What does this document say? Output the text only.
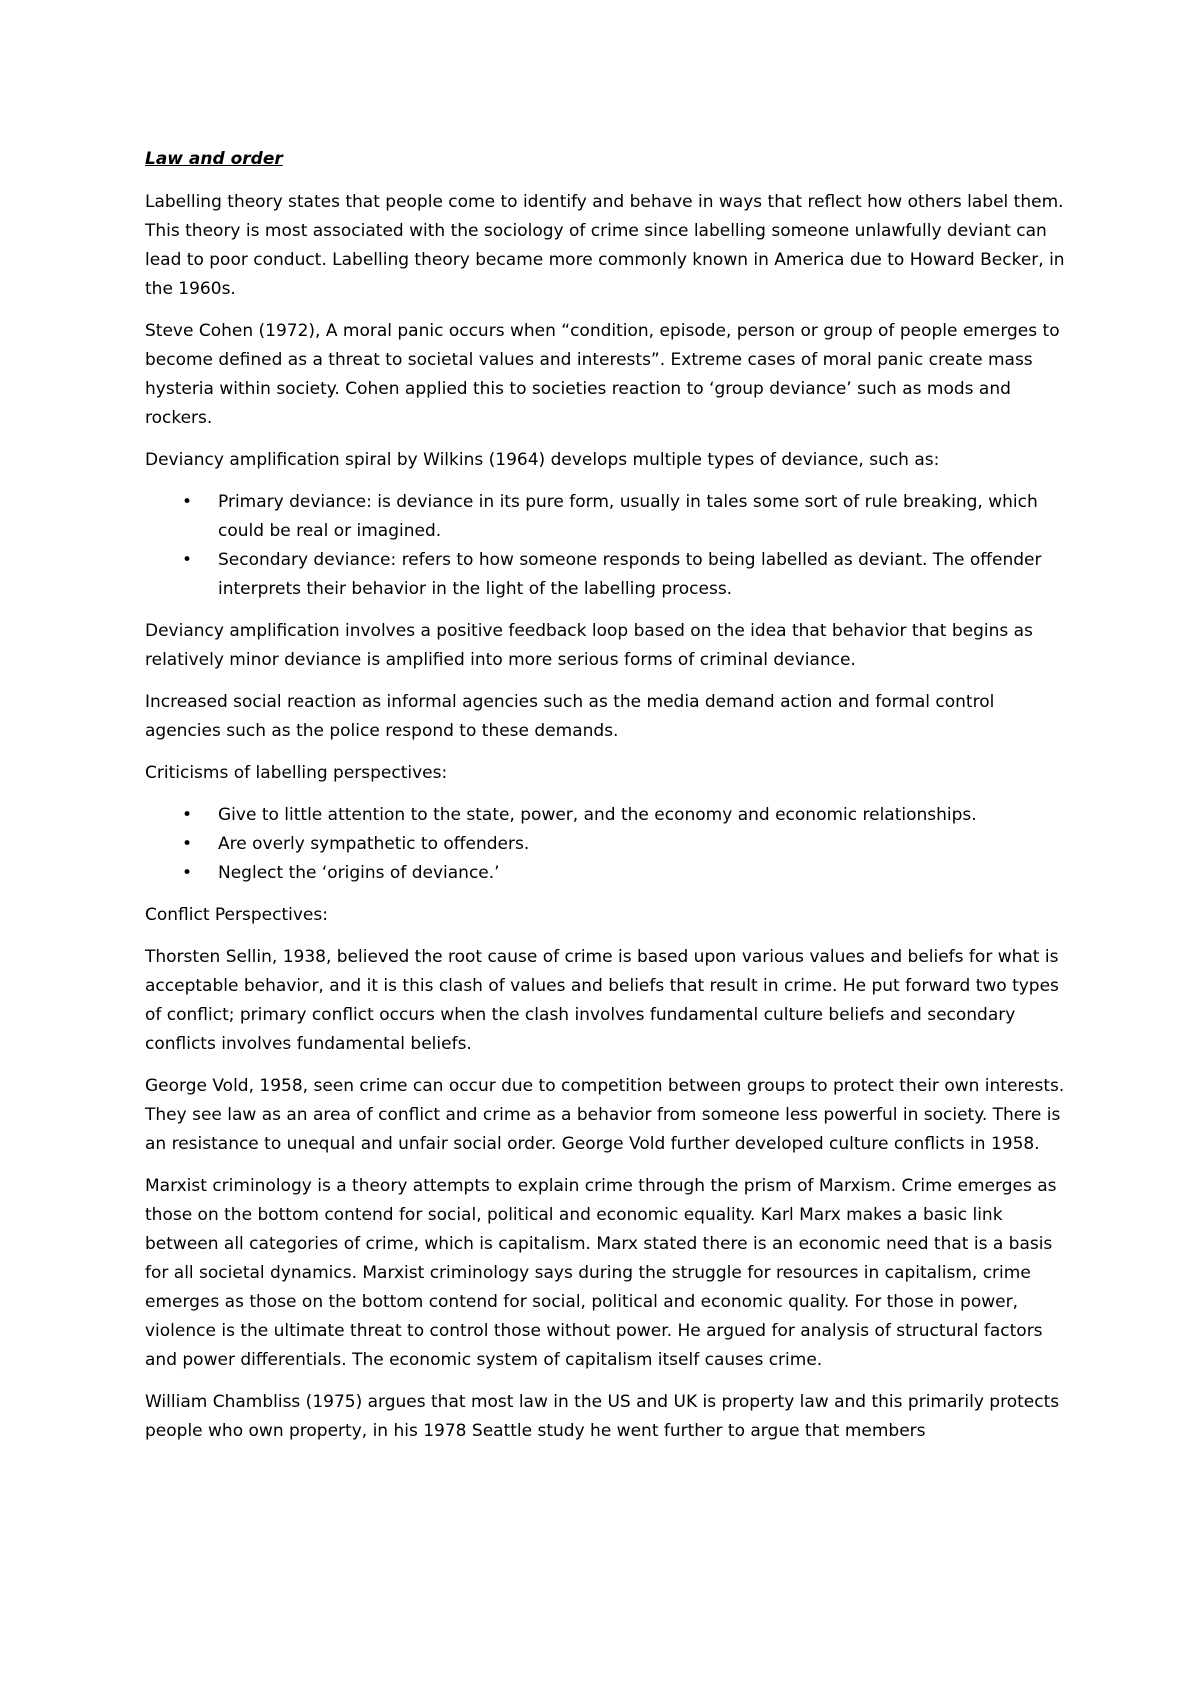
Law and order

Labelling theory states that people come to identify and behave in ways that reflect how others label them. This theory is most associated with the sociology of crime since labelling someone unlawfully deviant can lead to poor conduct. Labelling theory became more commonly known in America due to Howard Becker, in the 1960s.

Steve Cohen (1972), A moral panic occurs when “condition, episode, person or group of people emerges to become defined as a threat to societal values and interests”. Extreme cases of moral panic create mass hysteria within society. Cohen applied this to societies reaction to ‘group deviance’ such as mods and rockers.

Deviancy amplification spiral by Wilkins (1964) develops multiple types of deviance, such as:

• Primary deviance: is deviance in its pure form, usually in tales some sort of rule breaking, which could be real or imagined.
• Secondary deviance: refers to how someone responds to being labelled as deviant. The offender interprets their behavior in the light of the labelling process.

Deviancy amplification involves a positive feedback loop based on the idea that behavior that begins as relatively minor deviance is amplified into more serious forms of criminal deviance.

Increased social reaction as informal agencies such as the media demand action and formal control agencies such as the police respond to these demands.

Criticisms of labelling perspectives:

• Give to little attention to the state, power, and the economy and economic relationships.
• Are overly sympathetic to offenders.
• Neglect the ‘origins of deviance.’

Conflict Perspectives:

Thorsten Sellin, 1938, believed the root cause of crime is based upon various values and beliefs for what is acceptable behavior, and it is this clash of values and beliefs that result in crime. He put forward two types of conflict; primary conflict occurs when the clash involves fundamental culture beliefs and secondary conflicts involves fundamental beliefs.

George Vold, 1958, seen crime can occur due to competition between groups to protect their own interests. They see law as an area of conflict and crime as a behavior from someone less powerful in society. There is an resistance to unequal and unfair social order. George Vold further developed culture conflicts in 1958.

Marxist criminology is a theory attempts to explain crime through the prism of Marxism. Crime emerges as those on the bottom contend for social, political and economic equality. Karl Marx makes a basic link between all categories of crime, which is capitalism. Marx stated there is an economic need that is a basis for all societal dynamics. Marxist criminology says during the struggle for resources in capitalism, crime emerges as those on the bottom contend for social, political and economic quality. For those in power, violence is the ultimate threat to control those without power. He argued for analysis of structural factors and power differentials. The economic system of capitalism itself causes crime.

William Chambliss (1975) argues that most law in the US and UK is property law and this primarily protects people who own property, in his 1978 Seattle study he went further to argue that members
